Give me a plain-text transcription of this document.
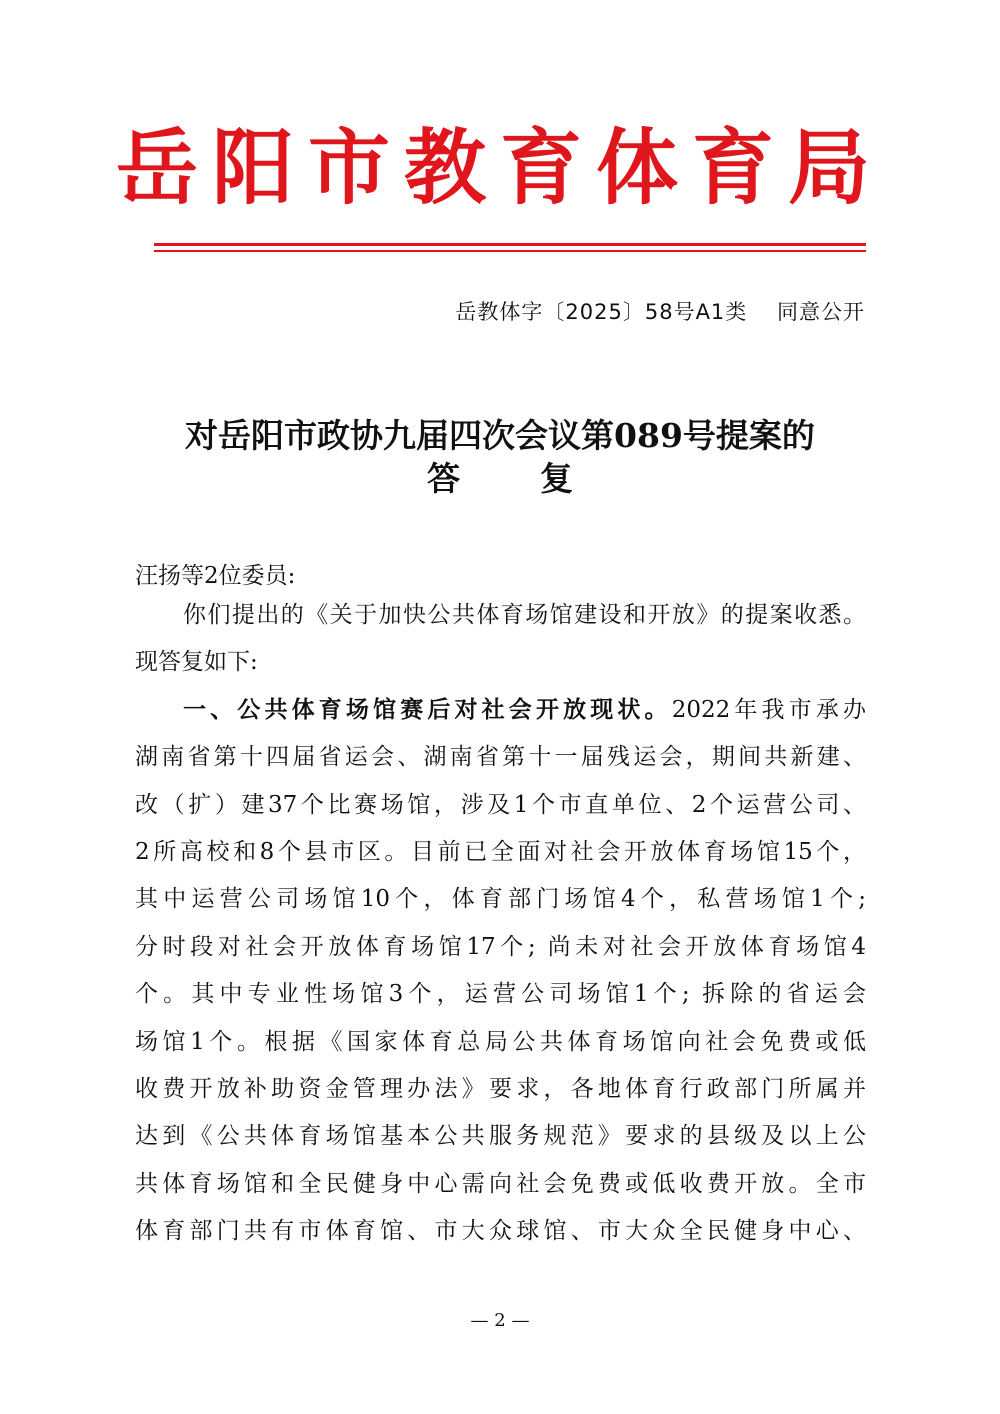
岳阳市教育体育局
岳教体字〔2025〕58号A1类 同意公开
对岳阳市政协九届四次会议第089号提案的
答 复
汪扬等2位委员:
你们提出的《关于加快公共体育场馆建设和开放》的提案收悉。
现答复如下:
一、公共体育场馆赛后对社会开放现状。2022年我市承办
湖南省第十四届省运会、湖南省第十一届残运会，期间共新建、
改（扩）建37个比赛场馆，涉及1个市直单位、2个运营公司、
2所高校和8个县市区。目前已全面对社会开放体育场馆15个，
其中运营公司场馆10个，体育部门场馆4个，私营场馆1个;
分时段对社会开放体育场馆17个; 尚未对社会开放体育场馆4
个。其中专业性场馆3个，运营公司场馆1个; 拆除的省运会
场馆1个。根据《国家体育总局公共体育场馆向社会免费或低
收费开放补助资金管理办法》要求，各地体育行政部门所属并
达到《公共体育场馆基本公共服务规范》要求的县级及以上公
共体育场馆和全民健身中心需向社会免费或低收费开放。全市
体育部门共有市体育馆、市大众球馆、市大众全民健身中心、
— 2 —
